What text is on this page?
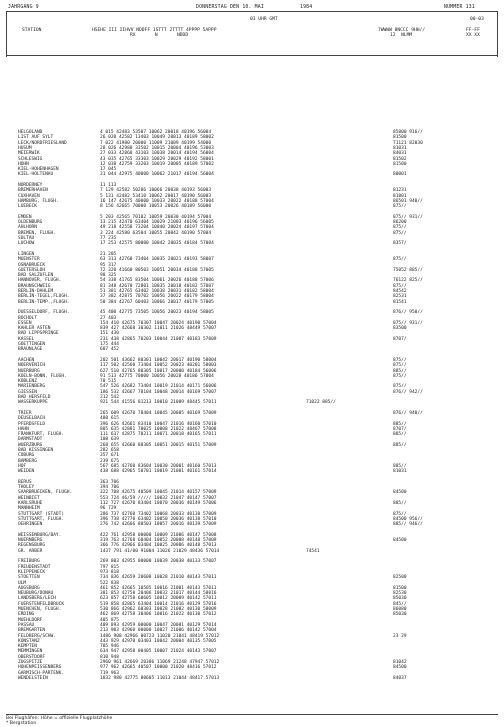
JAHRGANG 9	DONNERSTAG DEN 10. MAI	1984	NUMMER 131
03 UHR GMT	00-03
STATION	HSEHE III IIHVV NDDFF 1STTT 2TTTT 4PPPP 5APPP
RX       N       NDDD
7WWWW 8NCCC 9HH//
12  NLMM
FF-FF
XX XX
HELGOLAND	4 015 42483 53507 10062 20018 40196 56004	85800 916//
LIST AUF SYLT	26 020 42582 13403 10049 20013 40189 58002	81500
LECK/NORDFRIESLAND	7 022 41980 20000 11009 21009 40199 54000	71121 82030
HUSUM	28 026 42980 33502 10015 20004 40196 53003	81031
MEIERWIK	27 033 42860 43103 10038 20014 40194 56004	84031
SCHLESWIG	43 035 42765 33303 10029 20029 40192 58001	81502
HOHN	12 038 42759 33203 10019 20005 40189 57002	81500
KIEL-HOHENHAGEN	17 045
KIEL-HOLTENAU	31 044 42975 40000 10062 21017 40194 56004	80001
NORDERNEY	11 113
BREMERHAVEN	7 129 42582 50206 10066 20038 40193 56003	81231
CUXHAVEN	5 131 42482 53410 10062 20017 40190 56003	81801
HAMBURG, FLUGH.	16 147 42675 40000 10033 20022 40188 57004	86501 940//
LUEBECK	8 156 42665 70000 10053 20026 40189 56000	875//
EMDEN	5 203 42565 70102 10059 20030 40194 57004	875// 931//
OLDENBURG	13 215 42470 63404 10029 21003 40196 56005	86200
AHLHORN	49 218 42558 73204 10040 20024 40197 57004	875//
BREMEN, FLUGH.	3 224 42580 63504 10055 20042 40190 57004	875//
SOLTAU	77 235
LUCHOW	17 253 42575 80000 10042 20035 40184 57004	8357/
LINGEN	21 205
MUENSTER	63 313 42760 73404 10035 20021 40193 58007	875//
OSNABRUECK	95 317
GUETERSLOH	72 320 41660 80503 10051 20034 40188 57005	75052 885//
BAD SALZUFLEN	98 325
HANNOVER, FLUGH.	54 338 41765 83504 10061 20026 40188 57006	76122 825//
BRAUNSCHWEIG	81 348 42670 72801 10035 20018 40182 57007	875//
BERLIN-DAHLEM	51 381 42765 63402 10038 20031 40182 58004	84542
BERLIN-TEGEL,FLUGH.	37 382 42875 70702 10056 20022 40179 58004	82531
BERLIN-TEMP.,FLUGH.	50 384 42767 60403 10066 20017 40179 57005	81541
DUESSELDORF, FLUGH.	45 400 42775 73505 10056 20023 40194 58005	876// 950//
BOCHOLT	27 403
ESSEN	154 410 42675 70307 10047 20024 40190 57004	875// 931//
KAHLER ASTEN	839 427 42668 30302 11011 21026 48449 57007	83500
BAD LIPPSPRINGE	151 430
KASSEL	231 438 42865 70203 10044 21007 40183 57009	8707/
GOETTINGEN	175 444
BRAUNLAGE	607 452
AACHEN	202 501 43662 80301 10042 20017 40190 58004	875//
NOERVENICH	117 502 42560 73404 10052 20023 40201 58003	875//
NUERBURG	627 510 42765 80305 10017 20000 40184 56006	885//
KOELN-BONN, FLUGH.	91 513 42775 70000 10056 20028 40186 57004	875//
KOBLENZ	70 515
MARIENBERG	547 526 42682 73404 10019 21014 40171 56006	875//
GIESSEN	186 532 42667 70104 10048 20014 40169 57007	876// 942//
BAD HERSFELD	212 542
WASSERKUPPE	921 544 41556 81213 10010 21009 48445 57011	71022 885//
TRIER	265 609 42670 70404 10045 20005 40169 57009	876// 940//
DEUSELBACH	480 615
PFERDSFELD	396 626 42661 83410 10047 21016 40160 57010	885//
HAHN	805 635 42881 70025 10008 21022 48467 57008	8707/
FRANKFURT, FLUGH.	111 637 42875 70211 10071 20018 40165 57011	885//
DARMSTADT	108 639
WUERZBURG	268 655 42660 80305 10051 20015 40151 57009	885//
BAD KISSINGEN	282 658
COBURG	357 671
BAMBERG	239 675
HOF	567 685 42760 83604 10030 20001 40160 57013	885//
WEIDEN	438 688 42965 50701 10019 21001 40161 57014	81031
BERUS	363 706
THOLEY	394 706
SAARBRUECKEN, FLUGH.	322 708 42675 40509 10045 21014 40157 57009	84500
WEINBIET	553 724 46/59 ///// 10032 21047 40147 57007
KARLSRUHE	112 727 42670 83404 10070 20036 40149 57006	885//
MANNHEIM	96 729
STUTTGART (STADT)	286 737 42760 73402 10068 20033 40138 57009	875//
STUTTGART, FLUGH.	396 738 42770 63402 10050 20036 40138 57010	84500 956//
OEHRINGEN	276 742 42666 80503 10057 20016 40139 57009	885// 946//
WEISSENBURG/BAY.	422 761 42958 00000 10009 21006 40147 57008
NUERNBERG	319 763 42768 60404 10052 20008 40148 57009	84500
REGENSBURG	366 776 42966 03404 10025 20006 40148 57013
GR. ARBER	1437 791 41/00 91004 11026 21029 48436 57014	74541
FREIBURG	269 803 42955 00000 10039 20038 40133 57007
FREUDENSTADT	797 815
KLIPPENECK	973 818
STOETTEN	734 836 42659 20608 10028 21010 40143 57011	82500
ULM	522 838
AUGSBURG	461 852 42665 10505 10016 21001 40143 57011	81500
NEUBURG/DONAU	381 853 42758 20406 10032 21017 40144 58016	82530
LANDSBERG/LECH	623 857 42758 60605 10012 20009 40142 57011	85030
FUERSTENFELDBRUCK	519 858 42865 63404 10014 21016 40129 57016	845//
MUENCHEN, FLUGH.	530 866 42962 60303 10028 21002 40130 58009	86080
ERDING	462 869 42758 30406 10016 21022 40130 57012	85030
MUEHLDORF	405 875
PASSAU	409 893 42959 00000 10047 20001 40129 57014
BREMGARTEN	213 903 42960 00000 10027 21006 40142 57004
FELDBERG/SCHW.	1486 908 42966 00723 11020 21041 48419 57012	23 29
KONSTANZ	443 929 42970 03403 10042 20004 40135 57005
KEMPTEN	705 946
MEMMINGEN	634 947 42958 00405 10007 21024 40143 57007
OBERSTDORF	810 948
ZUGSPITZE	2960 961 42669 20306 11069 21248 47947 57012	81042
HOHENPEISSENBERG	977 962 42665 40507 10000 21020 48416 57012	84500
GARMISCH-PARTENK.	719 963
WENDELSTEIN	1832 980 42775 80605 11013 21044 48417 57013	84037
Bei Flughäfen: Höhe = offizielle Flugplatzhöhe
* Bergstation
